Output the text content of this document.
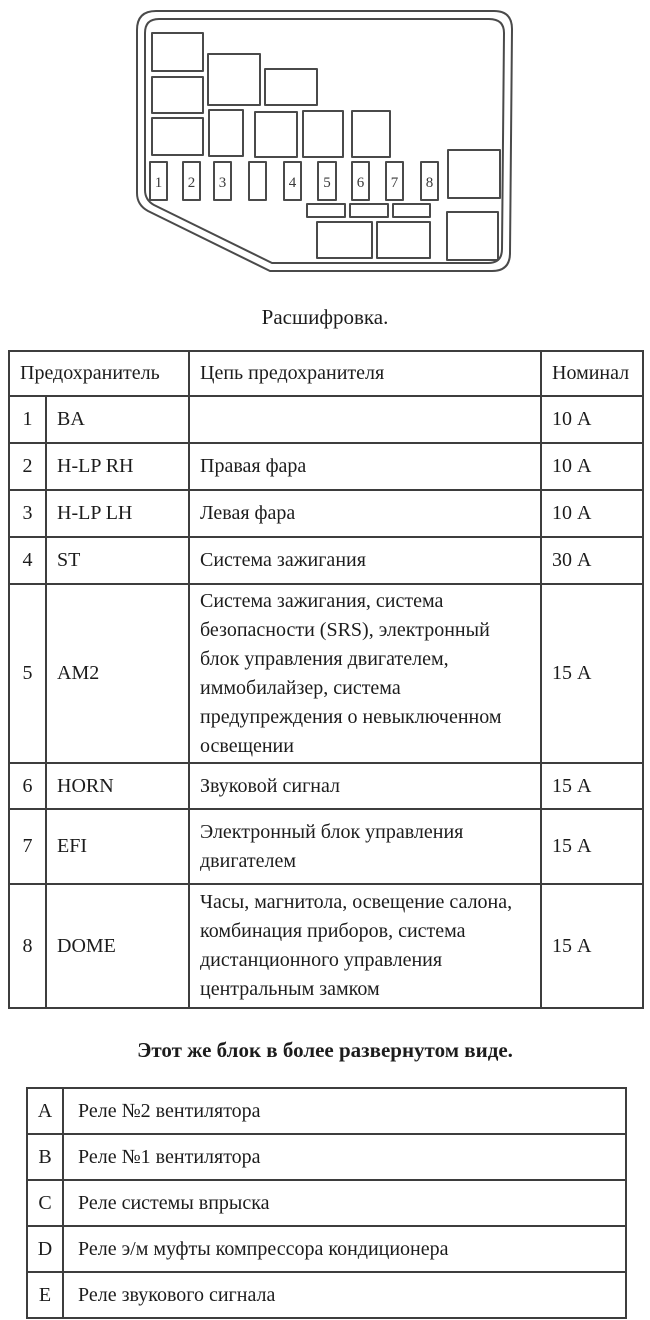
1 2 3	4 5 6 7 8
Расшифровка.
Предохранитель		Цепь предохранителя	Номинал
1	BA		10 А
2	H-LP RH	Правая фара	10 А
3	H-LP LH	Левая фара	10 А
4	ST	Система зажигания	30 А
5	AM2	Система зажигания, система безопасности (SRS), электронный блок управления двигателем, иммобилайзер, система предупреждения о невыключенном освещении	15 А
6	HORN	Звуковой сигнал	15 А
7	EFI	Электронный блок управления двигателем	15 А
8	DOME	Часы, магнитола, освещение салона, комбинация приборов, система дистанционного управления центральным замком	15 А
Этот же блок в более развернутом виде.
A	Реле №2 вентилятора
B	Реле №1 вентилятора
C	Реле системы впрыска
D	Реле э/м муфты компрессора кондиционера
E	Реле звукового сигнала
